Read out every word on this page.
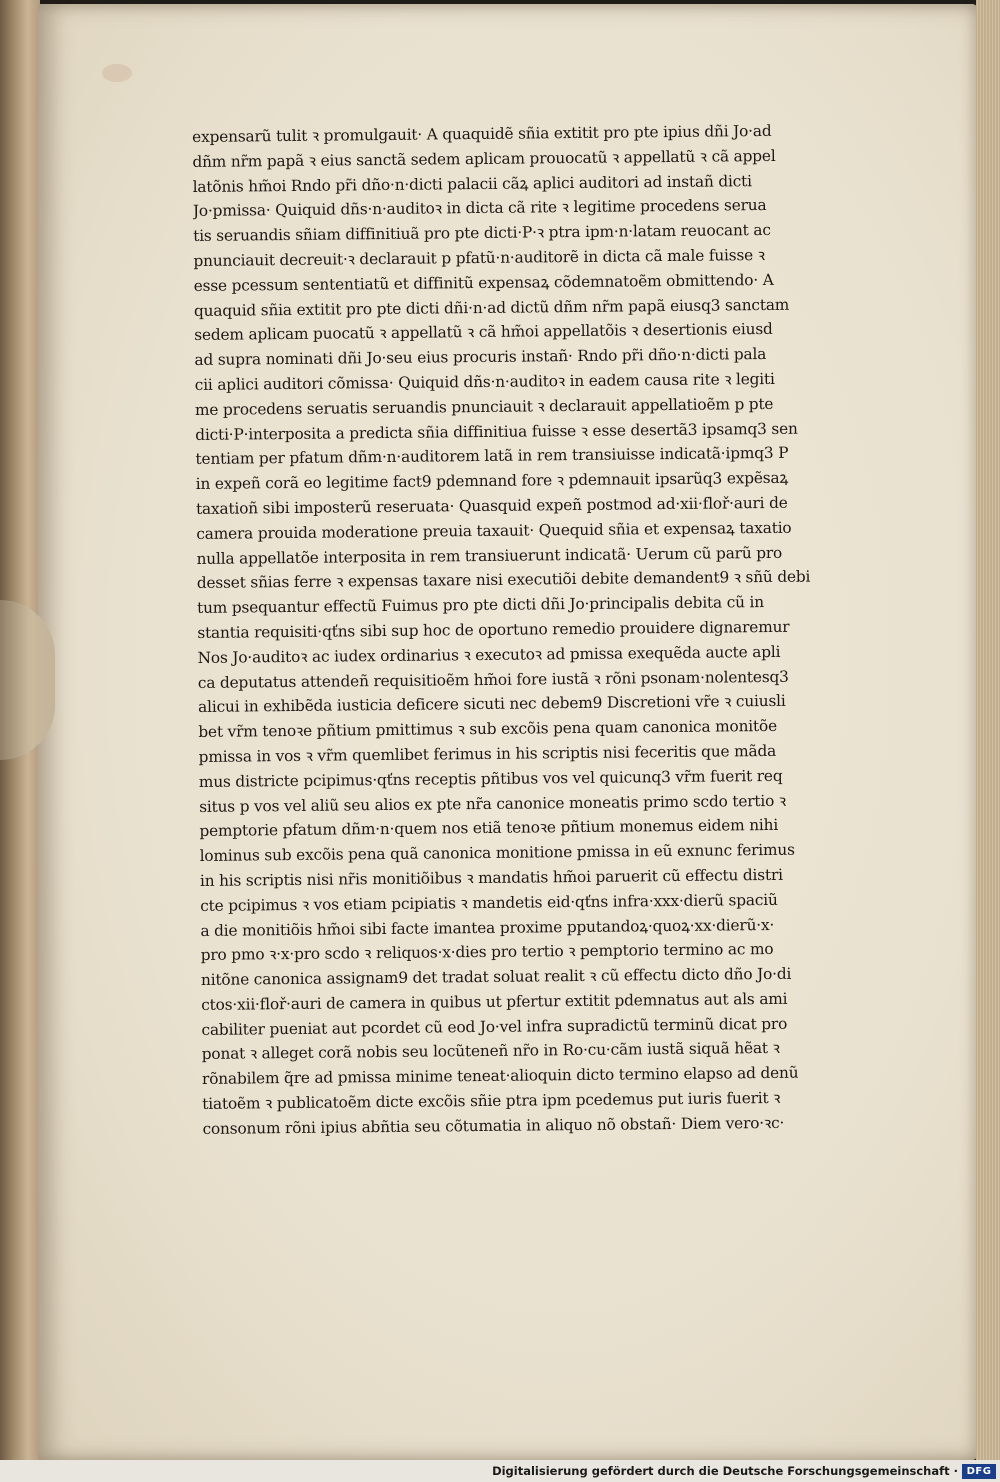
expensarũ tulit ꝛ promulgauit· A quaquidẽ sñia extitit pro pte ipius dñi Jo·ad
dñm nr̃m papã ꝛ eius sanctã sedem aplicam prouocatũ ꝛ appellatũ ꝛ cã appel
latõnis hm̃oi Rndo pr̃i dño·n·dicti palacii cãꝝ aplici auditori ad instañ dicti
Jo·pmissa· Quiquid dñs·n·auditoꝛ in dicta cã rite ꝛ legitime procedens serua
tis seruandis sñiam diffinitiuã pro pte dicti·P·ꝛ ptra ipm·n·latam reuocant ac
pnunciauit decreuit·ꝛ declarauit p pfatũ·n·auditorẽ in dicta cã male fuisse ꝛ
esse pcessum sententiatũ et diffinitũ expensaꝝ cõdemnatoẽm obmittendo· A
quaquid sñia extitit pro pte dicti dñi·n·ad dictũ dñm nr̃m papã eiusq3 sanctam
sedem aplicam puocatũ ꝛ appellatũ ꝛ cã hm̃oi appellatõis ꝛ desertionis eiusd
ad supra nominati dñi Jo·seu eius procuris instañ· Rndo pr̃i dño·n·dicti pala
cii aplici auditori cõmissa· Quiquid dñs·n·auditoꝛ in eadem causa rite ꝛ legiti
me procedens seruatis seruandis pnunciauit ꝛ declarauit appellatioẽm p pte
dicti·P·interposita a predicta sñia diffinitiua fuisse ꝛ esse desertã3 ipsamq3 sen
tentiam per pfatum dñm·n·auditorem latã in rem transiuisse indicatã·ipmq3 P
in expeñ corã eo legitime fact9 pdemnand fore ꝛ pdemnauit ipsarũq3 expẽsaꝝ
taxatioñ sibi imposterũ reseruata· Quasquid expeñ postmod ad·xii·floř·auri de
camera prouida moderatione preuia taxauit· Quequid sñia et expensaꝝ taxatio
nulla appellatõe interposita in rem transiuerunt indicatã· Uerum cũ parũ pro
desset sñias ferre ꝛ expensas taxare nisi executiõi debite demandent9 ꝛ sñũ debi
tum psequantur effectũ Fuimus pro pte dicti dñi Jo·principalis debita cũ in
stantia requisiti·qťns sibi sup hoc de oportuno remedio prouidere dignaremur
Nos Jo·auditoꝛ ac iudex ordinarius ꝛ executoꝛ ad pmissa exequẽda aucte apli
ca deputatus attendeñ requisitioẽm hm̃oi fore iustã ꝛ rõni psonam·nolentesq3
alicui in exhibẽda iusticia deficere sicuti nec debem9 Discretioni vr̃e ꝛ cuiusli
bet vr̃m tenoꝛe pñtium pmittimus ꝛ sub excõis pena quam canonica monitõe
pmissa in vos ꝛ vr̃m quemlibet ferimus in his scriptis nisi feceritis que mãda
mus districte pcipimus·qťns receptis pñtibus vos vel quicunq3 vr̃m fuerit req
situs p vos vel aliũ seu alios ex pte nr̃a canonice moneatis primo scdo tertio ꝛ
pemptorie pfatum dñm·n·quem nos etiã tenoꝛe pñtium monemus eidem nihi
lominus sub excõis pena quã canonica monitione pmissa in eũ exnunc ferimus
in his scriptis nisi nr̃is monitiõibus ꝛ mandatis hm̃oi paruerit cũ effectu distri
cte pcipimus ꝛ vos etiam pcipiatis ꝛ mandetis eid·qťns infra·xxx·dierũ spaciũ
a die monitiõis hm̃oi sibi facte imantea proxime pputandoꝝ·quoꝝ·xx·dierũ·x·
pro pmo ꝛ·x·pro scdo ꝛ reliquos·x·dies pro tertio ꝛ pemptorio termino ac mo
nitõne canonica assignam9 det tradat soluat realit ꝛ cũ effectu dicto dño Jo·di
ctos·xii·floř·auri de camera in quibus ut pfertur extitit pdemnatus aut als ami
cabiliter pueniat aut pcordet cũ eod Jo·vel infra supradictũ terminũ dicat pro
ponat ꝛ alleget corã nobis seu locũteneñ nr̃o in Ro·cu·cãm iustã siquã hẽat ꝛ
rõnabilem q̃re ad pmissa minime teneat·alioquin dicto termino elapso ad denũ
tiatoẽm ꝛ publicatoẽm dicte excõis sñie ptra ipm pcedemus put iuris fuerit ꝛ
consonum rõni ipius abñtia seu cõtumatia in aliquo nõ obstañ· Diem vero·ꝛc·
Digitalisierung gefördert durch die Deutsche Forschungsgemeinschaft · DFG
